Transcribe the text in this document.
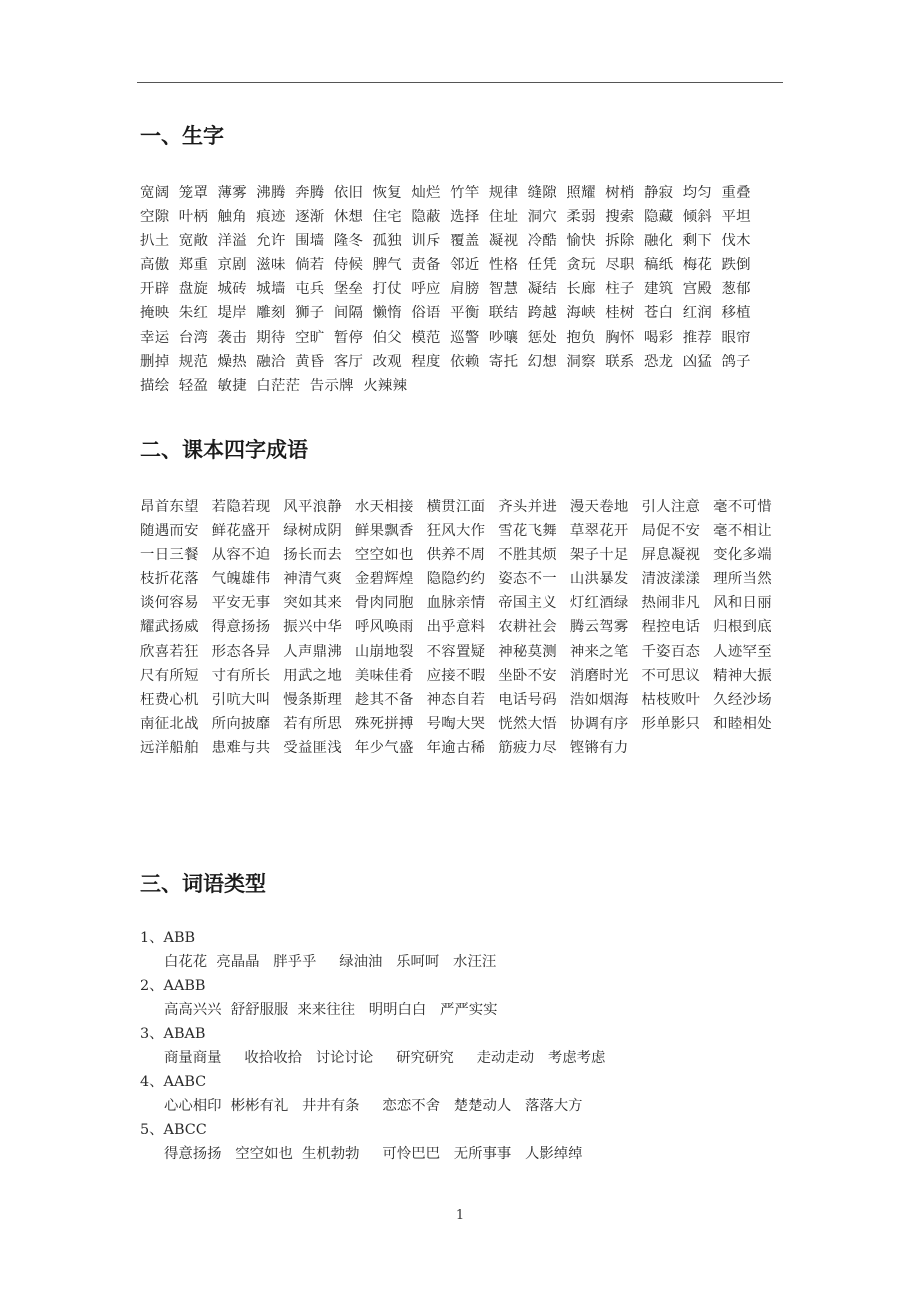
一、生字
宽阔 笼罩 薄雾 沸腾 奔腾 依旧 恢复 灿烂 竹竿 规律 缝隙 照耀 树梢 静寂 均匀 重叠 空隙 叶柄 触角 痕迹 逐渐 休想 住宅 隐蔽 选择 住址 洞穴 柔弱 搜索 隐藏 倾斜 平坦 扒土 宽敞 洋溢 允许 围墙 隆冬 孤独 训斥 覆盖 凝视 冷酷 愉快 拆除 融化 剩下 伐木 高傲 郑重 京剧 滋味 倘若 侍候 脾气 责备 邻近 性格 任凭 贪玩 尽职 稿纸 梅花 跌倒 开辟 盘旋 城砖 城墙 屯兵 堡垒 打仗 呼应 肩膀 智慧 凝结 长廊 柱子 建筑 宫殿 葱郁 掩映 朱红 堤岸 雕刻 狮子 间隔 懒惰 俗语 平衡 联结 跨越 海峡 桂树 苍白 红润 移植 幸运 台湾 袭击 期待 空旷 暂停 伯父 模范 巡警 吵嚷 惩处 抱负 胸怀 喝彩 推荐 眼帘 删掉 规范 燥热 融洽 黄昏 客厅 改观 程度 依赖 寄托 幻想 洞察 联系 恐龙 凶猛 鸽子 描绘 轻盈 敏捷 白茫茫 告示牌 火辣辣
二、课本四字成语
昂首东望 若隐若现 风平浪静 水天相接 横贯江面 齐头并进 漫天卷地 引人注意 毫不可惜 随遇而安 鲜花盛开 绿树成阴 鲜果飘香 狂风大作 雪花飞舞 草翠花开 局促不安 毫不相让 一日三餐 从容不迫 扬长而去 空空如也 供养不周 不胜其烦 架子十足 屏息凝视 变化多端 枝折花落 气魄雄伟 神清气爽 金碧辉煌 隐隐约约 姿态不一 山洪暴发 清波漾漾 理所当然 谈何容易 平安无事 突如其来 骨肉同胞 血脉亲情 帝国主义 灯红酒绿 热闹非凡 风和日丽 耀武扬威 得意扬扬 振兴中华 呼风唤雨 出乎意料 农耕社会 腾云驾雾 程控电话 归根到底 欣喜若狂 形态各异 人声鼎沸 山崩地裂 不容置疑 神秘莫测 神来之笔 千姿百态 人迹罕至 尺有所短 寸有所长 用武之地 美味佳肴 应接不暇 坐卧不安 消磨时光 不可思议 精神大振 枉费心机 引吭大叫 慢条斯理 趁其不备 神态自若 电话号码 浩如烟海 枯枝败叶 久经沙场 南征北战 所向披靡 若有所思 殊死拼搏 号啕大哭 恍然大悟 协调有序 形单影只 和睦相处 远洋船舶 患难与共 受益匪浅 年少气盛 年逾古稀 筋疲力尽 铿锵有力
三、词语类型
1、ABB
白花花  亮晶晶   胖乎乎     绿油油   乐呵呵   水汪汪
2、AABB
高高兴兴  舒舒服服  来来往往   明明白白   严严实实
3、ABAB
商量商量     收拾收拾   讨论讨论     研究研究     走动走动   考虑考虑
4、AABC
心心相印  彬彬有礼   井井有条     恋恋不舍   楚楚动人   落落大方
5、ABCC
得意扬扬   空空如也  生机勃勃     可怜巴巴   无所事事   人影绰绰
1
